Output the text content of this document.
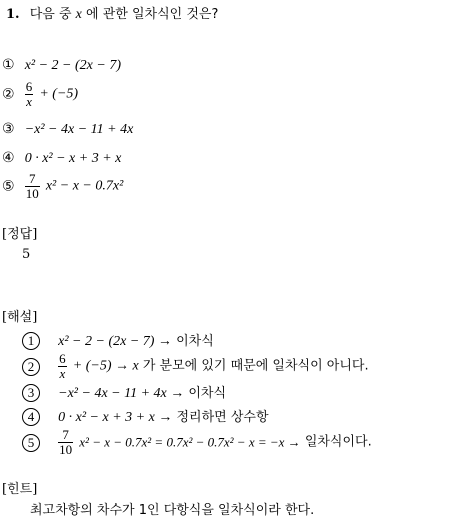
1. 다음 중 x 에 관한 일차식인 것은?
① x² − 2 − (2x − 7)
② $\frac{6}{x} + (-5)$
③ −x² − 4x − 11 + 4x
④ 0 · x² − x + 3 + x
⑤ $\frac{7}{10} x^2 - x - 0.7x^2$
[정답]
5
[해설]
1 x² − 2 − (2x − 7) → 이차식
$2 \frac{6}{x} + (-5) \to x$ 가 분모에 있기 때문에 일차식이 아니다.
3 −x² − 4x − 11 + 4x → 이차식
4 0 · x² − x + 3 + x → 정리하면 상수항
$5 \frac{7}{10} x^2 - x - 0.7x^2 = 0.7x^2 - 0.7x^2 - x = -x$ → 일차식이다.
[힌트]
최고차항의 차수가 1인 다항식을 일차식이라 한다.
